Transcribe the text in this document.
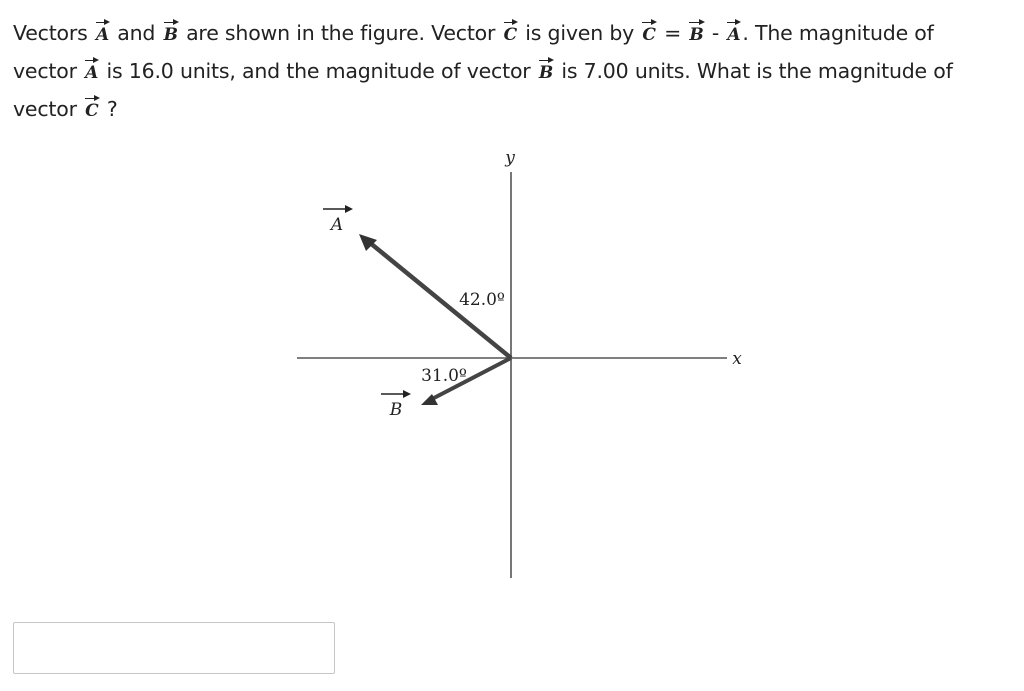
Vectors A and B are shown in the figure. Vector C is given by C = B - A. The magnitude of vector A is 16.0 units, and the magnitude of vector B is 7.00 units. What is the magnitude of vector C ?
y
x
A
B
42.0º
31.0º
